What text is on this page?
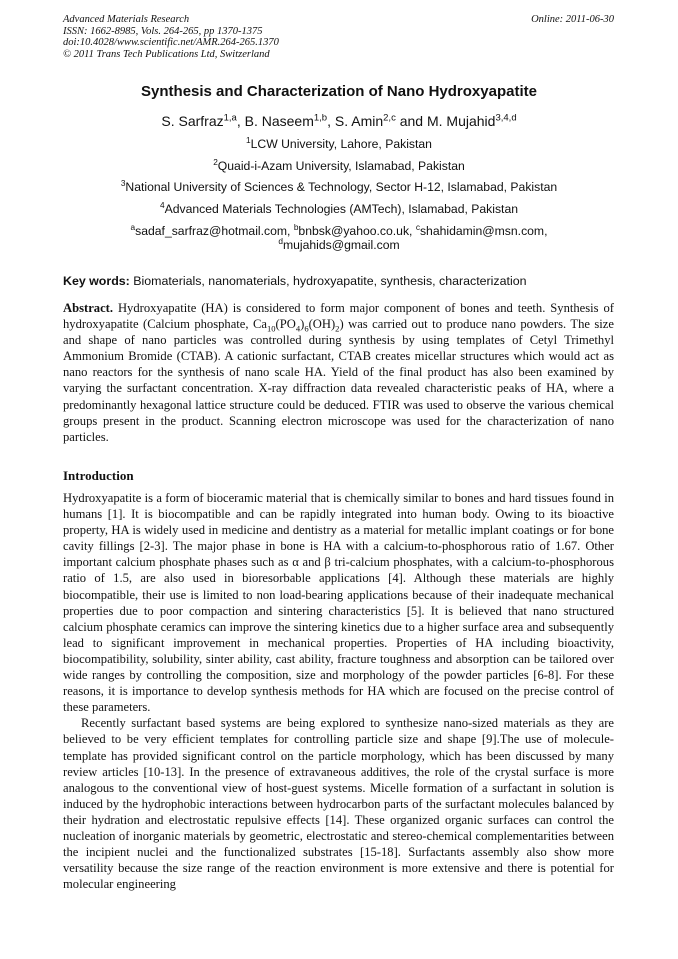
Advanced Materials Research
ISSN: 1662-8985, Vols. 264-265, pp 1370-1375
doi:10.4028/www.scientific.net/AMR.264-265.1370
© 2011 Trans Tech Publications Ltd, Switzerland
Online: 2011-06-30
Synthesis and Characterization of Nano Hydroxyapatite
S. Sarfraz$^{1,a}$, B. Naseem$^{1,b}$, S. Amin$^{2,c}$ and M. Mujahid$^{3,4,d}$
$^1$LCW University, Lahore, Pakistan
$^2$Quaid-i-Azam University, Islamabad, Pakistan
$^3$National University of Sciences & Technology, Sector H-12, Islamabad, Pakistan
$^4$Advanced Materials Technologies (AMTech), Islamabad, Pakistan
$^a$sadaf_sarfraz@hotmail.com, $^b$bnbsk@yahoo.co.uk, $^c$shahidamin@msn.com,
$^d$mujahids@gmail.com
Key words: Biomaterials, nanomaterials, hydroxyapatite, synthesis, characterization
Abstract. Hydroxyapatite (HA) is considered to form major component of bones and teeth. Synthesis of hydroxyapatite (Calcium phosphate, $Ca_{10}(PO_4)_6(OH)_2$) was carried out to produce nano powders. The size and shape of nano particles was controlled during synthesis by using templates of Cetyl Trimethyl Ammonium Bromide (CTAB). A cationic surfactant, CTAB creates micellar structures which would act as nano reactors for the synthesis of nano scale HA. Yield of the final product has also been examined by varying the surfactant concentration. X-ray diffraction data revealed characteristic peaks of HA, where a predominantly hexagonal lattice structure could be deduced. FTIR was used to observe the various chemical groups present in the product. Scanning electron microscope was used for the characterization of nano particles.
Introduction

Hydroxyapatite is a form of bioceramic material that is chemically similar to bones and hard tissues found in humans [1]. It is biocompatible and can be rapidly integrated into human body. Owing to its bioactive property, HA is widely used in medicine and dentistry as a material for metallic implant coatings or for bone cavity fillings [2-3]. The major phase in bone is HA with a calcium-to-phosphorous ratio of 1.67. Other important calcium phosphate phases such as α and β tri-calcium phosphates, with a calcium-to-phosphorous ratio of 1.5, are also used in bioresorbable applications [4]. Although these materials are highly biocompatible, their use is limited to non load-bearing applications because of their inadequate mechanical properties due to poor compaction and sintering characteristics [5]. It is believed that nano structured calcium phosphate ceramics can improve the sintering kinetics due to a higher surface area and subsequently lead to significant improvement in mechanical properties. Properties of HA including bioactivity, biocompatibility, solubility, sinter ability, cast ability, fracture toughness and absorption can be tailored over wide ranges by controlling the composition, size and morphology of the powder particles [6-8]. For these reasons, it is importance to develop synthesis methods for HA which are focused on the precise control of these parameters.

Recently surfactant based systems are being explored to synthesize nano-sized materials as they are believed to be very efficient templates for controlling particle size and shape [9].The use of molecule-template has provided significant control on the particle morphology, which has been discussed by many review articles [10-13]. In the presence of extravaneous additives, the role of the crystal surface is more analogous to the conventional view of host-guest systems. Micelle formation of a surfactant in solution is induced by the hydrophobic interactions between hydrocarbon parts of the surfactant molecules balanced by their hydration and electrostatic repulsive effects [14]. These organized organic surfaces can control the nucleation of inorganic materials by geometric, electrostatic and stereo-chemical complementarities between the incipient nuclei and the functionalized substrates [15-18]. Surfactants assembly also show more versatility because the size range of the reaction environment is more extensive and there is potential for molecular engineering
